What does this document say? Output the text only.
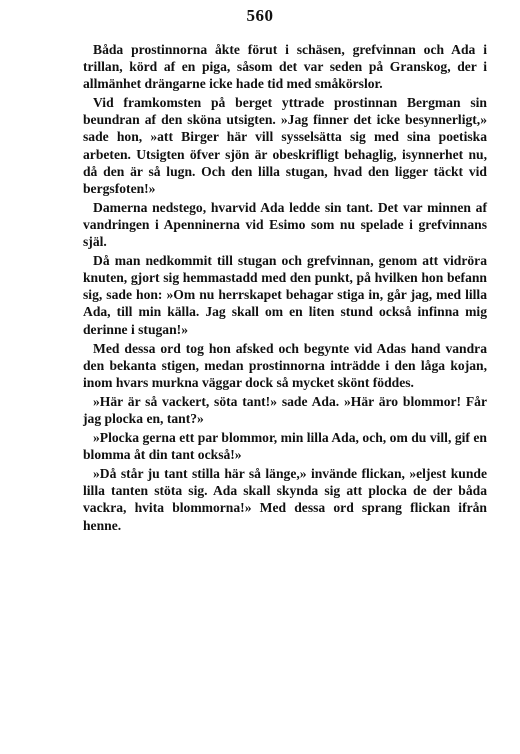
560

Båda prostinnorna åkte förut i schäsen, grefvinnan och Ada i trillan, körd af en piga, såsom det var seden på Granskog, der i allmänhet drängarne icke hade tid med småkörslor.

Vid framkomsten på berget yttrade prostinnan Bergman sin beundran af den sköna utsigten. »Jag finner det icke besynnerligt,» sade hon, »att Birger här vill sysselsätta sig med sina poetiska arbeten. Utsigten öfver sjön är obeskrifligt behaglig, isynnerhet nu, då den är så lugn. Och den lilla stugan, hvad den ligger täckt vid bergsfoten!»

Damerna nedstego, hvarvid Ada ledde sin tant. Det var minnen af vandringen i Apenninerna vid Esimo som nu spelade i grefvinnans själ.

Då man nedkommit till stugan och grefvinnan, genom att vidröra knuten, gjort sig hemmastadd med den punkt, på hvilken hon befann sig, sade hon: »Om nu herrskapet behagar stiga in, går jag, med lilla Ada, till min källa. Jag skall om en liten stund också infinna mig derinne i stugan!»

Med dessa ord tog hon afsked och begynte vid Adas hand vandra den bekanta stigen, medan prostinnorna inträdde i den låga kojan, inom hvars murkna väggar dock så mycket skönt föddes.

»Här är så vackert, söta tant!» sade Ada. »Här äro blommor! Får jag plocka en, tant?»

»Plocka gerna ett par blommor, min lilla Ada, och, om du vill, gif en blomma åt din tant också!»

»Då står ju tant stilla här så länge,» invände flickan, »eljest kunde lilla tanten stöta sig. Ada skall skynda sig att plocka de der båda vackra, hvita blommorna!» Med dessa ord sprang flickan ifrån henne.
